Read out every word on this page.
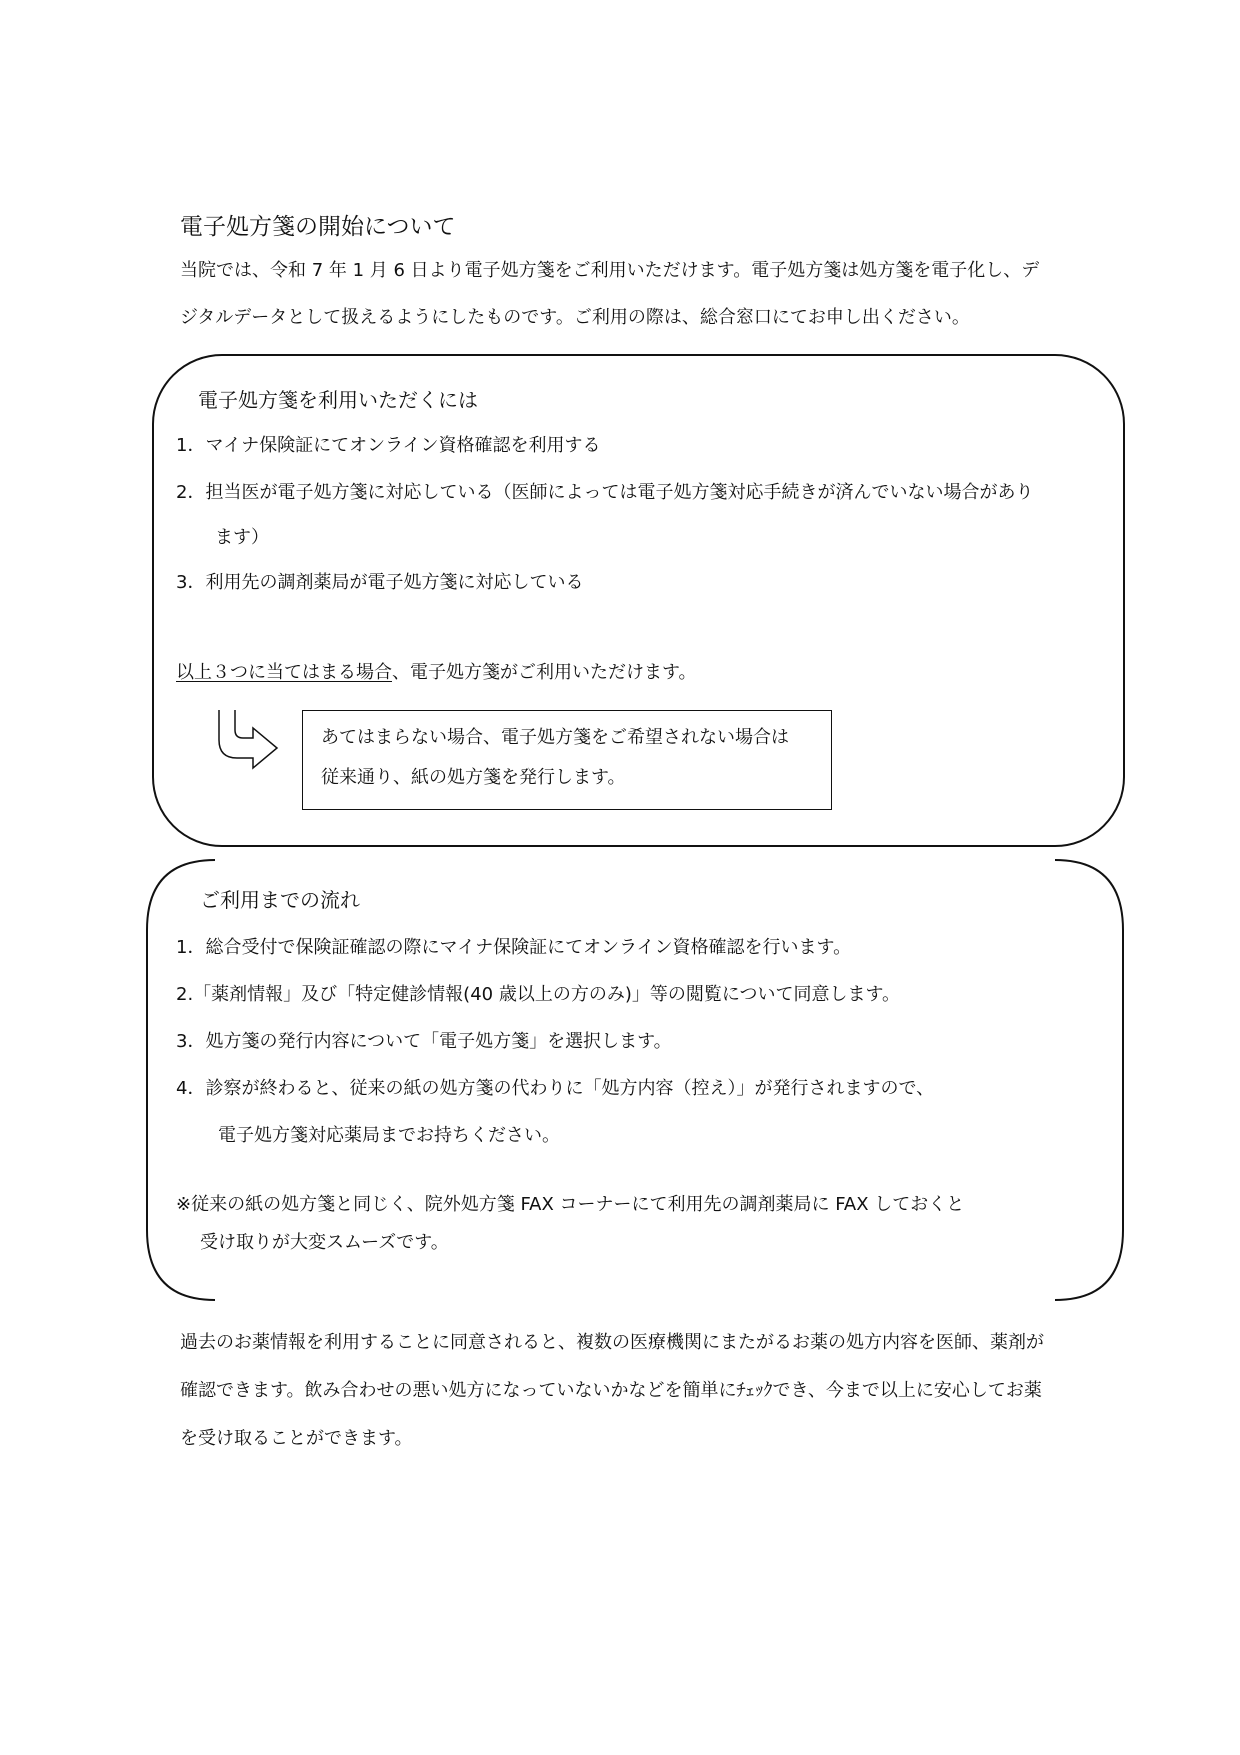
電子処方箋の開始について
当院では、令和 7 年 1 月 6 日より電子処方箋をご利用いただけます。電子処方箋は処方箋を電子化し、デ
ジタルデータとして扱えるようにしたものです。ご利用の際は、総合窓口にてお申し出ください。
電子処方箋を利用いただくには
1．マイナ保険証にてオンライン資格確認を利用する
2．担当医が電子処方箋に対応している（医師によっては電子処方箋対応手続きが済んでいない場合があり
ます）
3．利用先の調剤薬局が電子処方箋に対応している
以上３つに当てはまる場合、電子処方箋がご利用いただけます。
あてはまらない場合、電子処方箋をご希望されない場合は
従来通り、紙の処方箋を発行します。
ご利用までの流れ
1．総合受付で保険証確認の際にマイナ保険証にてオンライン資格確認を行います。
2.「薬剤情報」及び「特定健診情報(40 歳以上の方のみ)」等の閲覧について同意します。
3．処方箋の発行内容について「電子処方箋」を選択します。
4．診察が終わると、従来の紙の処方箋の代わりに「処方内容（控え）」が発行されますので、
電子処方箋対応薬局までお持ちください。
※従来の紙の処方箋と同じく、院外処方箋 FAX コーナーにて利用先の調剤薬局に FAX しておくと
受け取りが大変スムーズです。
過去のお薬情報を利用することに同意されると、複数の医療機関にまたがるお薬の処方内容を医師、薬剤が
確認できます。飲み合わせの悪い処方になっていないかなどを簡単にﾁｪｯｸでき、今まで以上に安心してお薬
を受け取ることができます。
